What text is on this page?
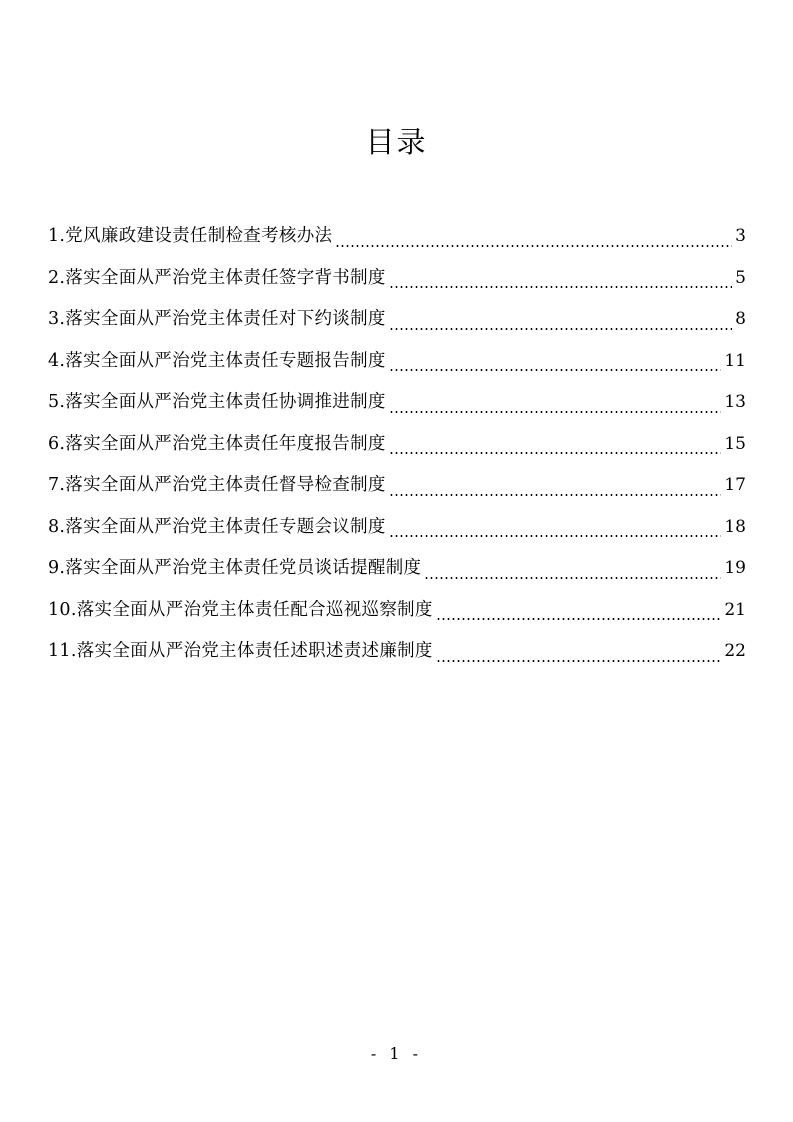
目录
1.党风廉政建设责任制检查考核办法	3
2.落实全面从严治党主体责任签字背书制度	5
3.落实全面从严治党主体责任对下约谈制度	8
4.落实全面从严治党主体责任专题报告制度	11
5.落实全面从严治党主体责任协调推进制度	13
6.落实全面从严治党主体责任年度报告制度	15
7.落实全面从严治党主体责任督导检查制度	17
8.落实全面从严治党主体责任专题会议制度	18
9.落实全面从严治党主体责任党员谈话提醒制度	19
10.落实全面从严治党主体责任配合巡视巡察制度	21
11.落实全面从严治党主体责任述职述责述廉制度	22
- 1 -
